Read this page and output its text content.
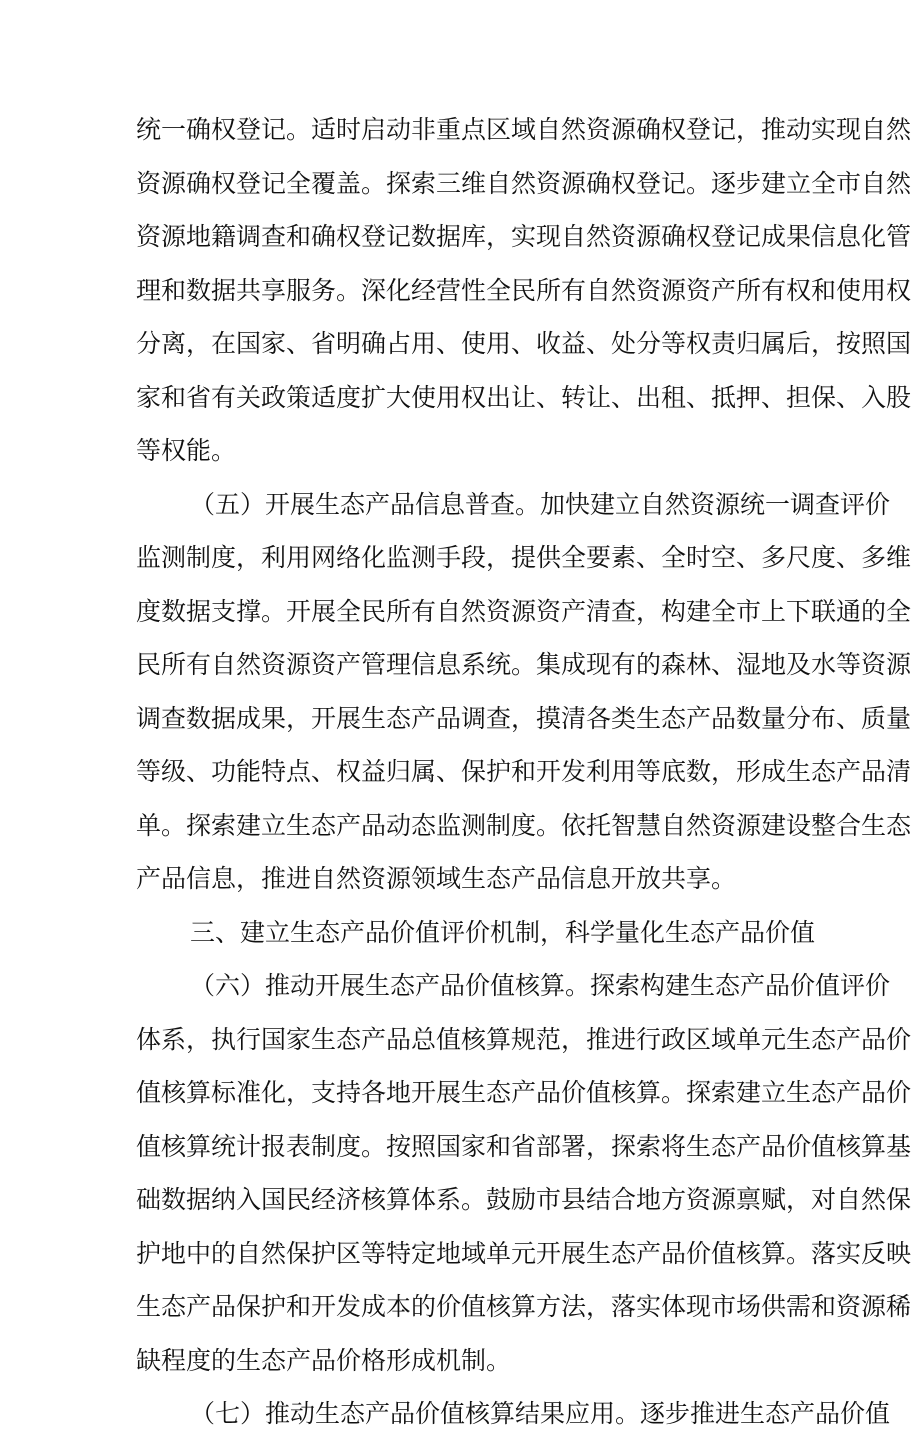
统一确权登记。适时启动非重点区域自然资源确权登记，推动实现自然
资源确权登记全覆盖。探索三维自然资源确权登记。逐步建立全市自然
资源地籍调查和确权登记数据库，实现自然资源确权登记成果信息化管
理和数据共享服务。深化经营性全民所有自然资源资产所有权和使用权
分离，在国家、省明确占用、使用、收益、处分等权责归属后，按照国
家和省有关政策适度扩大使用权出让、转让、出租、抵押、担保、入股
等权能。
（五）开展生态产品信息普查。加快建立自然资源统一调查评价
监测制度，利用网络化监测手段，提供全要素、全时空、多尺度、多维
度数据支撑。开展全民所有自然资源资产清查，构建全市上下联通的全
民所有自然资源资产管理信息系统。集成现有的森林、湿地及水等资源
调查数据成果，开展生态产品调查，摸清各类生态产品数量分布、质量
等级、功能特点、权益归属、保护和开发利用等底数，形成生态产品清
单。探索建立生态产品动态监测制度。依托智慧自然资源建设整合生态
产品信息，推进自然资源领域生态产品信息开放共享。
三、建立生态产品价值评价机制，科学量化生态产品价值
（六）推动开展生态产品价值核算。探索构建生态产品价值评价
体系，执行国家生态产品总值核算规范，推进行政区域单元生态产品价
值核算标准化，支持各地开展生态产品价值核算。探索建立生态产品价
值核算统计报表制度。按照国家和省部署，探索将生态产品价值核算基
础数据纳入国民经济核算体系。鼓励市县结合地方资源禀赋，对自然保
护地中的自然保护区等特定地域单元开展生态产品价值核算。落实反映
生态产品保护和开发成本的价值核算方法，落实体现市场供需和资源稀
缺程度的生态产品价格形成机制。
（七）推动生态产品价值核算结果应用。逐步推进生态产品价值
